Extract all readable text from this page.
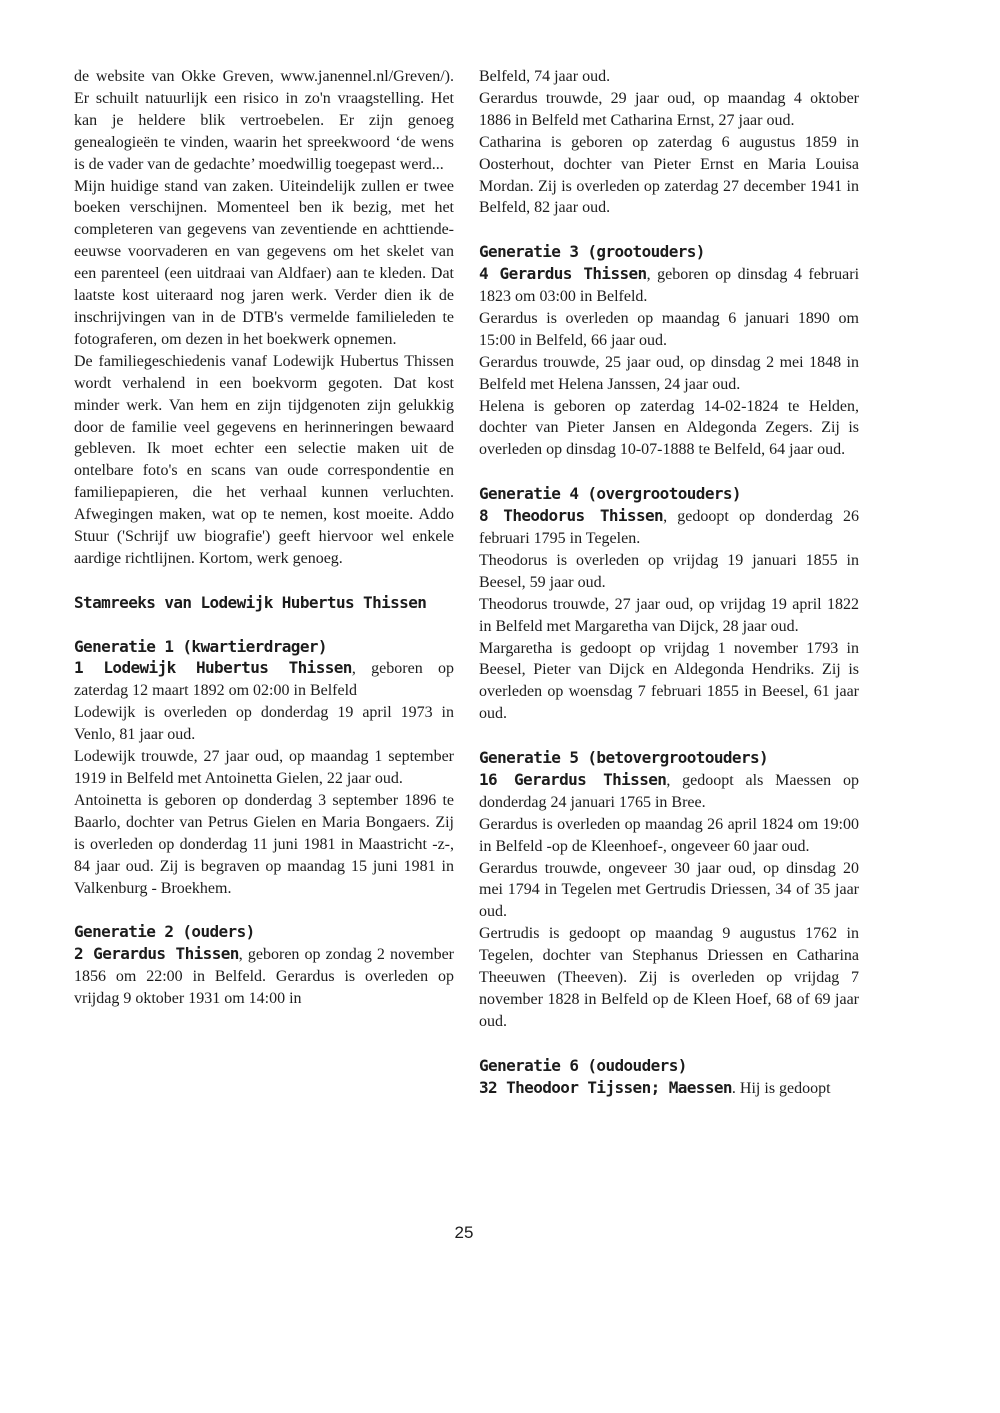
de website van Okke Greven, www.janennel.nl/Greven/). Er schuilt natuurlijk een risico in zo'n vraagstelling. Het kan je heldere blik vertroebelen. Er zijn genoeg genealogieën te vinden, waarin het spreekwoord ‘de wens is de vader van de gedachte’ moedwillig toegepast werd...

Mijn huidige stand van zaken. Uiteindelijk zullen er twee boeken verschijnen. Momenteel ben ik bezig, met het completeren van gegevens van zeventiende en achttiende-eeuwse voorvaderen en van gegevens om het skelet van een parenteel (een uitdraai van Aldfaer) aan te kleden. Dat laatste kost uiteraard nog jaren werk. Verder dien ik de inschrijvingen van in de DTB's vermelde familieleden te fotograferen, om dezen in het boekwerk opnemen.

De familiegeschiedenis vanaf Lodewijk Hubertus Thissen wordt verhalend in een boekvorm gegoten. Dat kost minder werk. Van hem en zijn tijdgenoten zijn gelukkig door de familie veel gegevens en herinneringen bewaard gebleven. Ik moet echter een selectie maken uit de ontelbare foto's en scans van oude correspondentie en familiepapieren, die het verhaal kunnen verluchten. Afwegingen maken, wat op te nemen, kost moeite. Addo Stuur ('Schrijf uw biografie') geeft hiervoor wel enkele aardige richtlijnen. Kortom, werk genoeg.

Stamreeks van Lodewijk Hubertus Thissen
Generatie 1 (kwartierdrager)

1 Lodewijk Hubertus Thissen, geboren op zaterdag 12 maart 1892 om 02:00 in Belfeld

Lodewijk is overleden op donderdag 19 april 1973 in Venlo, 81 jaar oud.

Lodewijk trouwde, 27 jaar oud, op maandag 1 september 1919 in Belfeld met Antoinetta Gielen, 22 jaar oud.

Antoinetta is geboren op donderdag 3 september 1896 te Baarlo, dochter van Petrus Gielen en Maria Bongaers. Zij is overleden op donderdag 11 juni 1981 in Maastricht -z-, 84 jaar oud. Zij is begraven op maandag 15 juni 1981 in Valkenburg - Broekhem.

Generatie 2 (ouders)

2 Gerardus Thissen, geboren op zondag 2 november 1856 om 22:00 in Belfeld. Gerardus is overleden op vrijdag 9 oktober 1931 om 14:00 in

Belfeld, 74 jaar oud.

Gerardus trouwde, 29 jaar oud, op maandag 4 oktober 1886 in Belfeld met Catharina Ernst, 27 jaar oud.

Catharina is geboren op zaterdag 6 augustus 1859 in Oosterhout, dochter van Pieter Ernst en Maria Louisa Mordan. Zij is overleden op zaterdag 27 december 1941 in Belfeld, 82 jaar oud.

Generatie 3 (grootouders)

4 Gerardus Thissen, geboren op dinsdag 4 februari 1823 om 03:00 in Belfeld.

Gerardus is overleden op maandag 6 januari 1890 om 15:00 in Belfeld, 66 jaar oud.

Gerardus trouwde, 25 jaar oud, op dinsdag 2 mei 1848 in Belfeld met Helena Janssen, 24 jaar oud.

Helena is geboren op zaterdag 14-02-1824 te Helden, dochter van Pieter Jansen en Aldegonda Zegers. Zij is overleden op dinsdag 10-07-1888 te Belfeld, 64 jaar oud.

Generatie 4 (overgrootouders)

8 Theodorus Thissen, gedoopt op donderdag 26 februari 1795 in Tegelen.

Theodorus is overleden op vrijdag 19 januari 1855 in Beesel, 59 jaar oud.

Theodorus trouwde, 27 jaar oud, op vrijdag 19 april 1822 in Belfeld met Margaretha van Dijck, 28 jaar oud.

Margaretha is gedoopt op vrijdag 1 november 1793 in Beesel, Pieter van Dijck en Aldegonda Hendriks. Zij is overleden op woensdag 7 februari 1855 in Beesel, 61 jaar oud.

Generatie 5 (betovergrootouders)

16 Gerardus Thissen, gedoopt als Maessen op donderdag 24 januari 1765 in Bree.

Gerardus is overleden op maandag 26 april 1824 om 19:00 in Belfeld -op de Kleenhoef-, ongeveer 60 jaar oud.

Gerardus trouwde, ongeveer 30 jaar oud, op dinsdag 20 mei 1794 in Tegelen met Gertrudis Driessen, 34 of 35 jaar oud.

Gertrudis is gedoopt op maandag 9 augustus 1762 in Tegelen, dochter van Stephanus Driessen en Catharina Theeuwen (Theeven). Zij is overleden op vrijdag 7 november 1828 in Belfeld op de Kleen Hoef, 68 of 69 jaar oud.

Generatie 6 (oudouders)

32 Theodoor Tijssen; Maessen. Hij is gedoopt

25
